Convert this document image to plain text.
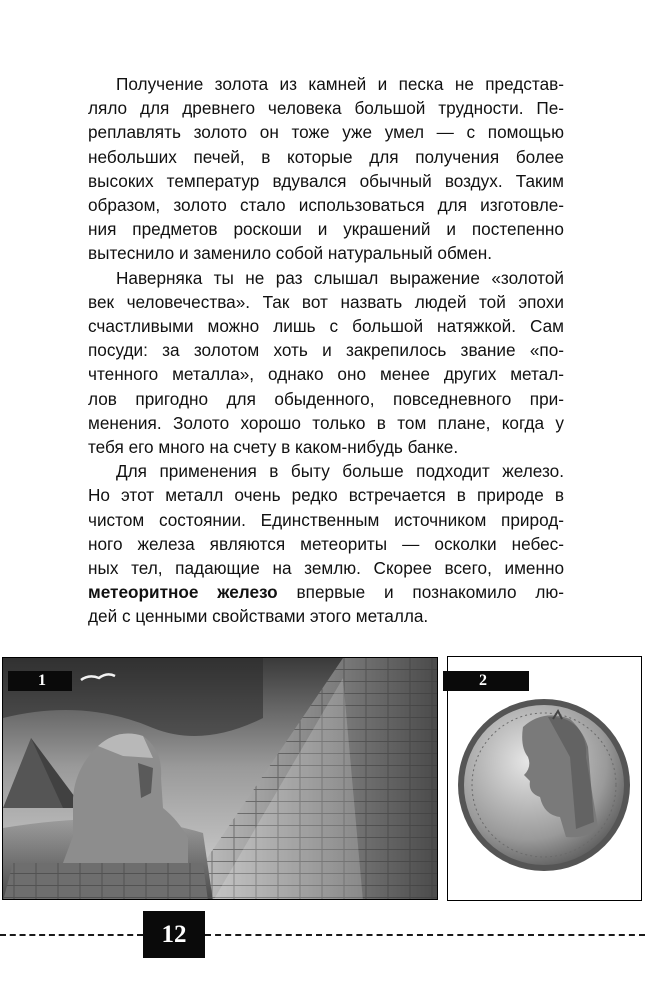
Получение золота из камней и песка не представ-
ляло для древнего человека большой трудности. Пе-
реплавлять золото он тоже уже умел — с помощью
небольших печей, в которые для получения более
высоких температур вдувался обычный воздух. Таким
образом, золото стало использоваться для изготовле-
ния предметов роскоши и украшений и постепенно
вытеснило и заменило собой натуральный обмен.
Наверняка ты не раз слышал выражение «золотой
век человечества». Так вот назвать людей той эпохи
счастливыми можно лишь с большой натяжкой. Сам
посуди: за золотом хоть и закрепилось звание «по-
чтенного металла», однако оно менее других метал-
лов пригодно для обыденного, повседневного при-
менения. Золото хорошо только в том плане, когда у
тебя его много на счету в каком-нибудь банке.
Для применения в быту больше подходит железо.
Но этот металл очень редко встречается в природе в
чистом состоянии. Единственным источником природ-
ного железа являются метеориты — осколки небес-
ных тел, падающие на землю. Скорее всего, именно
метеоритное железо впервые и познакомило лю-
дей с ценными свойствами этого металла.
1	2
12
